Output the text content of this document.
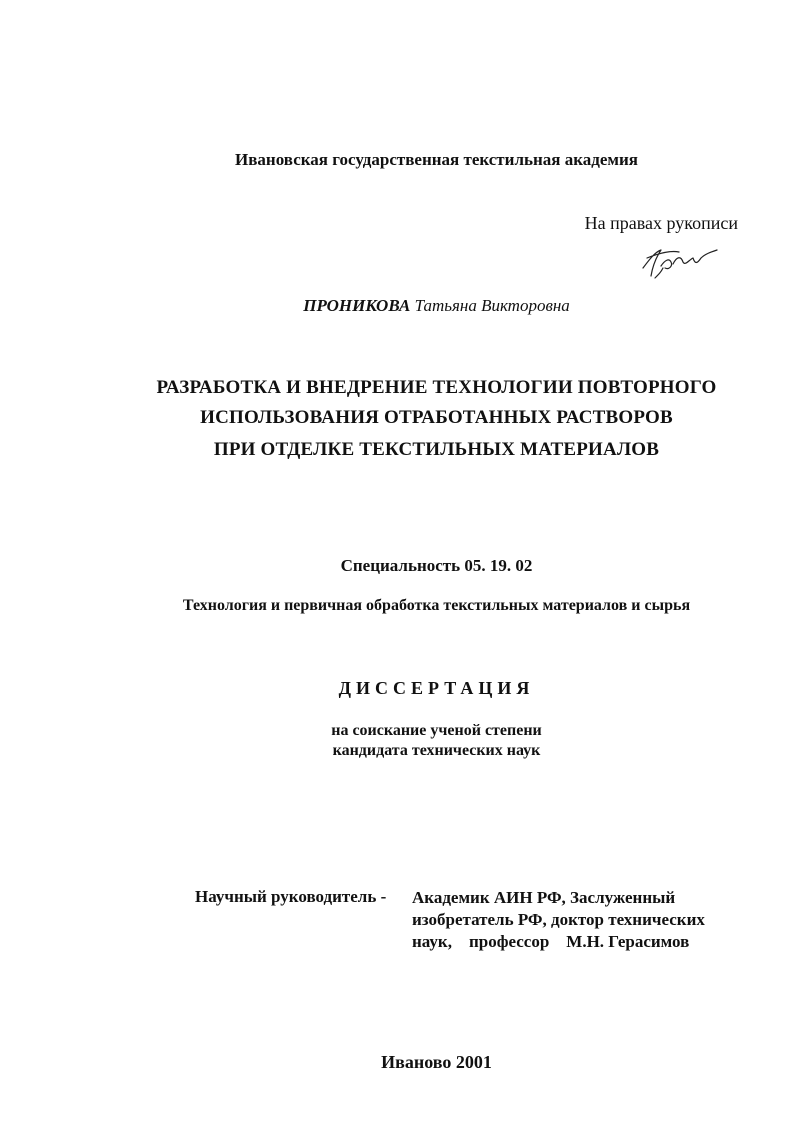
Ивановская государственная текстильная академия
На правах рукописи
ПРОНИКОВА Татьяна Викторовна
РАЗРАБОТКА И ВНЕДРЕНИЕ ТЕХНОЛОГИИ ПОВТОРНОГО
ИСПОЛЬЗОВАНИЯ ОТРАБОТАННЫХ РАСТВОРОВ
ПРИ ОТДЕЛКЕ ТЕКСТИЛЬНЫХ МАТЕРИАЛОВ
Специальность 05. 19. 02
Технология и первичная обработка текстильных материалов и сырья
ДИССЕРТАЦИЯ
на соискание ученой степени
кандидата технических наук
Научный руководитель - Академик АИН РФ, Заслуженный
изобретатель РФ, доктор технических
наук,    профессор    М.Н. Герасимов
Иваново 2001
